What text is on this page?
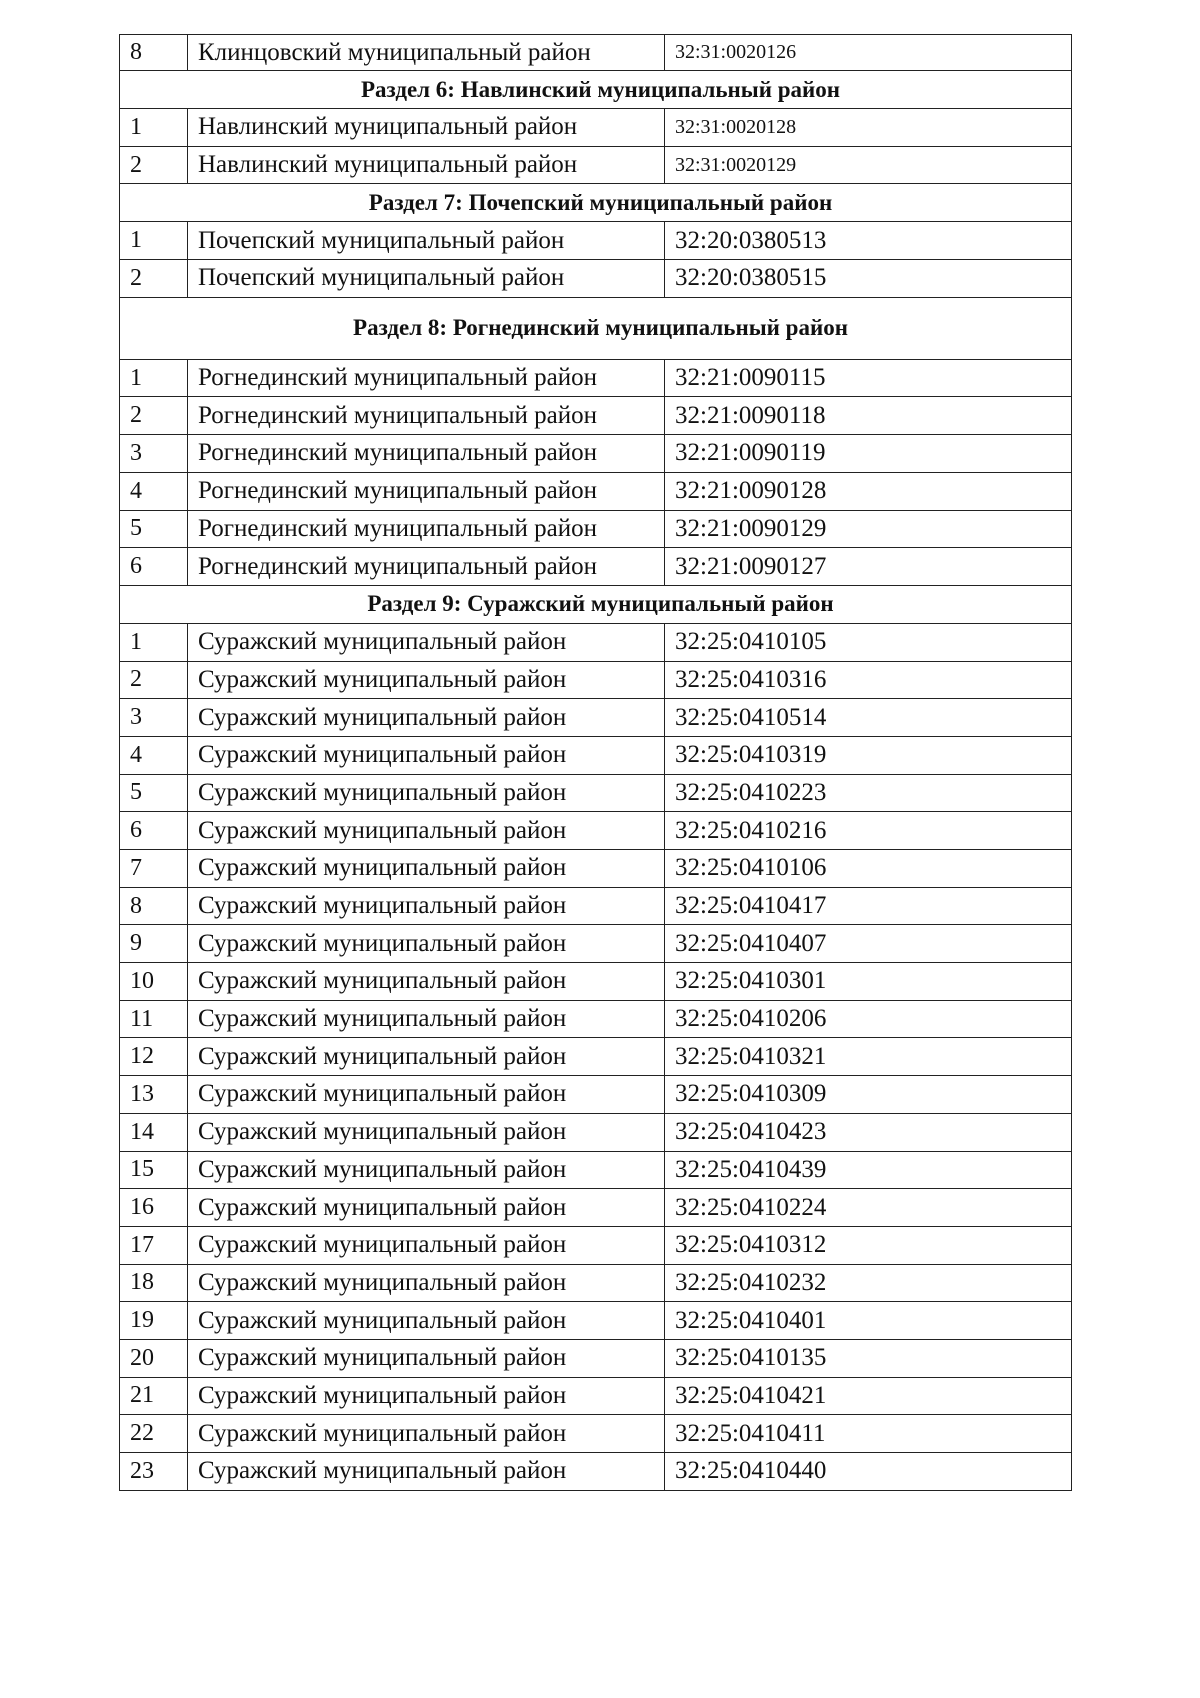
8	Клинцовский муниципальный район	32:31:0020126
Раздел 6: Навлинский муниципальный район		
1	Навлинский муниципальный район	32:31:0020128
2	Навлинский муниципальный район	32:31:0020129
Раздел 7: Почепский муниципальный район		
1	Почепский муниципальный район	32:20:0380513
2	Почепский муниципальный район	32:20:0380515
Раздел 8: Рогнединский муниципальный район		
1	Рогнединский муниципальный район	32:21:0090115
2	Рогнединский муниципальный район	32:21:0090118
3	Рогнединский муниципальный район	32:21:0090119
4	Рогнединский муниципальный район	32:21:0090128
5	Рогнединский муниципальный район	32:21:0090129
6	Рогнединский муниципальный район	32:21:0090127
Раздел 9: Суражский муниципальный район		
1	Суражский муниципальный район	32:25:0410105
2	Суражский муниципальный район	32:25:0410316
3	Суражский муниципальный район	32:25:0410514
4	Суражский муниципальный район	32:25:0410319
5	Суражский муниципальный район	32:25:0410223
6	Суражский муниципальный район	32:25:0410216
7	Суражский муниципальный район	32:25:0410106
8	Суражский муниципальный район	32:25:0410417
9	Суражский муниципальный район	32:25:0410407
10	Суражский муниципальный район	32:25:0410301
11	Суражский муниципальный район	32:25:0410206
12	Суражский муниципальный район	32:25:0410321
13	Суражский муниципальный район	32:25:0410309
14	Суражский муниципальный район	32:25:0410423
15	Суражский муниципальный район	32:25:0410439
16	Суражский муниципальный район	32:25:0410224
17	Суражский муниципальный район	32:25:0410312
18	Суражский муниципальный район	32:25:0410232
19	Суражский муниципальный район	32:25:0410401
20	Суражский муниципальный район	32:25:0410135
21	Суражский муниципальный район	32:25:0410421
22	Суражский муниципальный район	32:25:0410411
23	Суражский муниципальный район	32:25:0410440
